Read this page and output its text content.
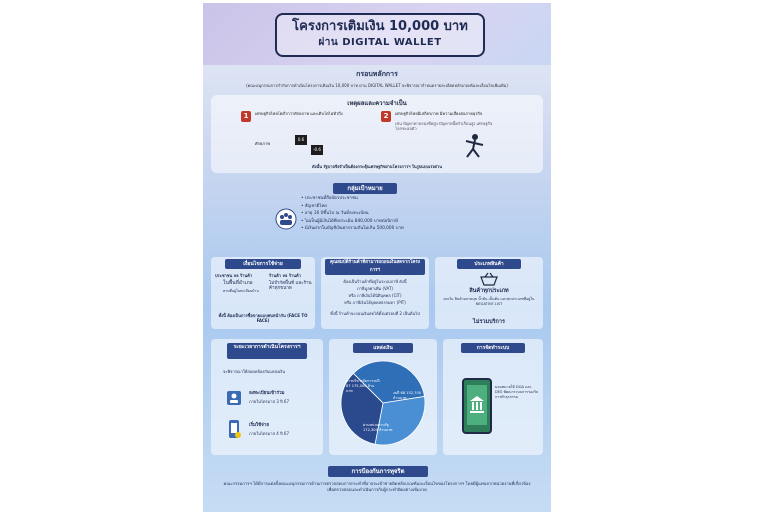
โครงการเติมเงิน 10,000 บาท
ผ่าน DIGITAL WALLET
กรอบหลักการ
(คณะอนุกรรมการกำกับการดำเนินโครงการเติมเงิน 10,000 บาท ผ่าน DIGITAL WALLET จะพิจารณากำหนดรายละเอียดหลักเกณฑ์และเงื่อนไขเพิ่มเติม)
เหตุผลและความจำเป็น
1	เศรษฐกิจไทยโตต่ำกว่าศักยภาพ และเติบโตไม่ทั่วถึง
ศักยภาพ
0.6
-0.6
2	เศรษฐกิจไทยมีเสถียรภาพ มีความเสี่ยงต่อภาคธุรกิจ
เช่น ปัญหาค่าครองชีพสูง ปัญหาหนี้ครัวเรือนสูง เศรษฐกิจโลกชะลอตัว
ดังนั้น รัฐบาลจึงจำเป็นต้องกระตุ้นเศรษฐกิจผ่านโครงการฯ ในรูปแบบเร่งด่วน
กลุ่มเป้าหมาย
• ประชาชนที่ถือบัตรประชาชน
• สัญชาติไทย
• อายุ 16 ปีขึ้นไป ณ วันที่ลงทะเบียน
• ไม่เป็นผู้มีเงินได้พึงประเมิน 840,000 บาทต่อปีภาษี
• มีเงินฝากในบัญชีเงินฝากรวมกันไม่เกิน 500,000 บาท
เงื่อนไขการใช้จ่าย
ประชาชน vs ร้านค้า
ในพื้นที่อำเภอ
ตามที่อยู่ในทะเบียนบ้าน
ร้านค้า vs ร้านค้า
ไม่จำกัดพื้นที่ และร้านค้าทุกขนาด
ทั้งนี้ ต้องเป็นการซื้อขายแบบพบหน้ากัน (FACE TO FACE)
คุณสมบัติร้านค้าที่สามารถถอนเงินสดจากโครงการฯ
ต้องเป็นร้านค้าที่อยู่ในระบบภาษี ดังนี้
ภาษีมูลค่าเพิ่ม (VAT)
หรือ ภาษีเงินได้นิติบุคคล (CIT)
หรือ ภาษีเงินได้บุคคลธรรมดา (PIT)
ทั้งนี้ ร้านค้าจะถอนเงินสดได้ตั้งแต่รอบที่ 2 เป็นต้นไป
ประเภทสินค้า
สินค้าทุกประเภท
ยกเว้น สินค้าอบายมุข น้ำมัน เป็นต้น และทุกประเภทที่อยู่ใน NEGATIVE LIST
ไม่รวมบริการ
ระยะเวลาการดำเนินโครงการฯ
จะพิจารณาให้สอดคล้องกับแหล่งเงิน
ลงทะเบียนเข้าร่วม
ภายในไตรมาส 3 ปี 67
เริ่มใช้จ่าย
ภายในไตรมาส 4 ปี 67
แหล่งเงิน
การบริหารจัดการงบปี 67 175,000 ล้านบาท	งบปี 68 152,700 ล้านบาท
ผ่านหน่วยงานรัฐ 172,300 ล้านบาท
การจัดทำระบบ
มอบหมายให้ DGA และ DES พัฒนาระบบการรองรับการทำธุรกรรม
การป้องกันการทุจริต
คณะกรรมการฯ ได้มีการแต่งตั้งคณะอนุกรรมการด้านการตรวจสอบการกระทำที่อาจจะเข้าข่ายผิดหลักเกณฑ์และเงื่อนไขของโครงการฯ โดยมีผู้แทนจากหน่วยงานที่เกี่ยวข้องเพื่อตรวจสอบและดำเนินการกับผู้กระทำผิดอย่างเข้มงวด
